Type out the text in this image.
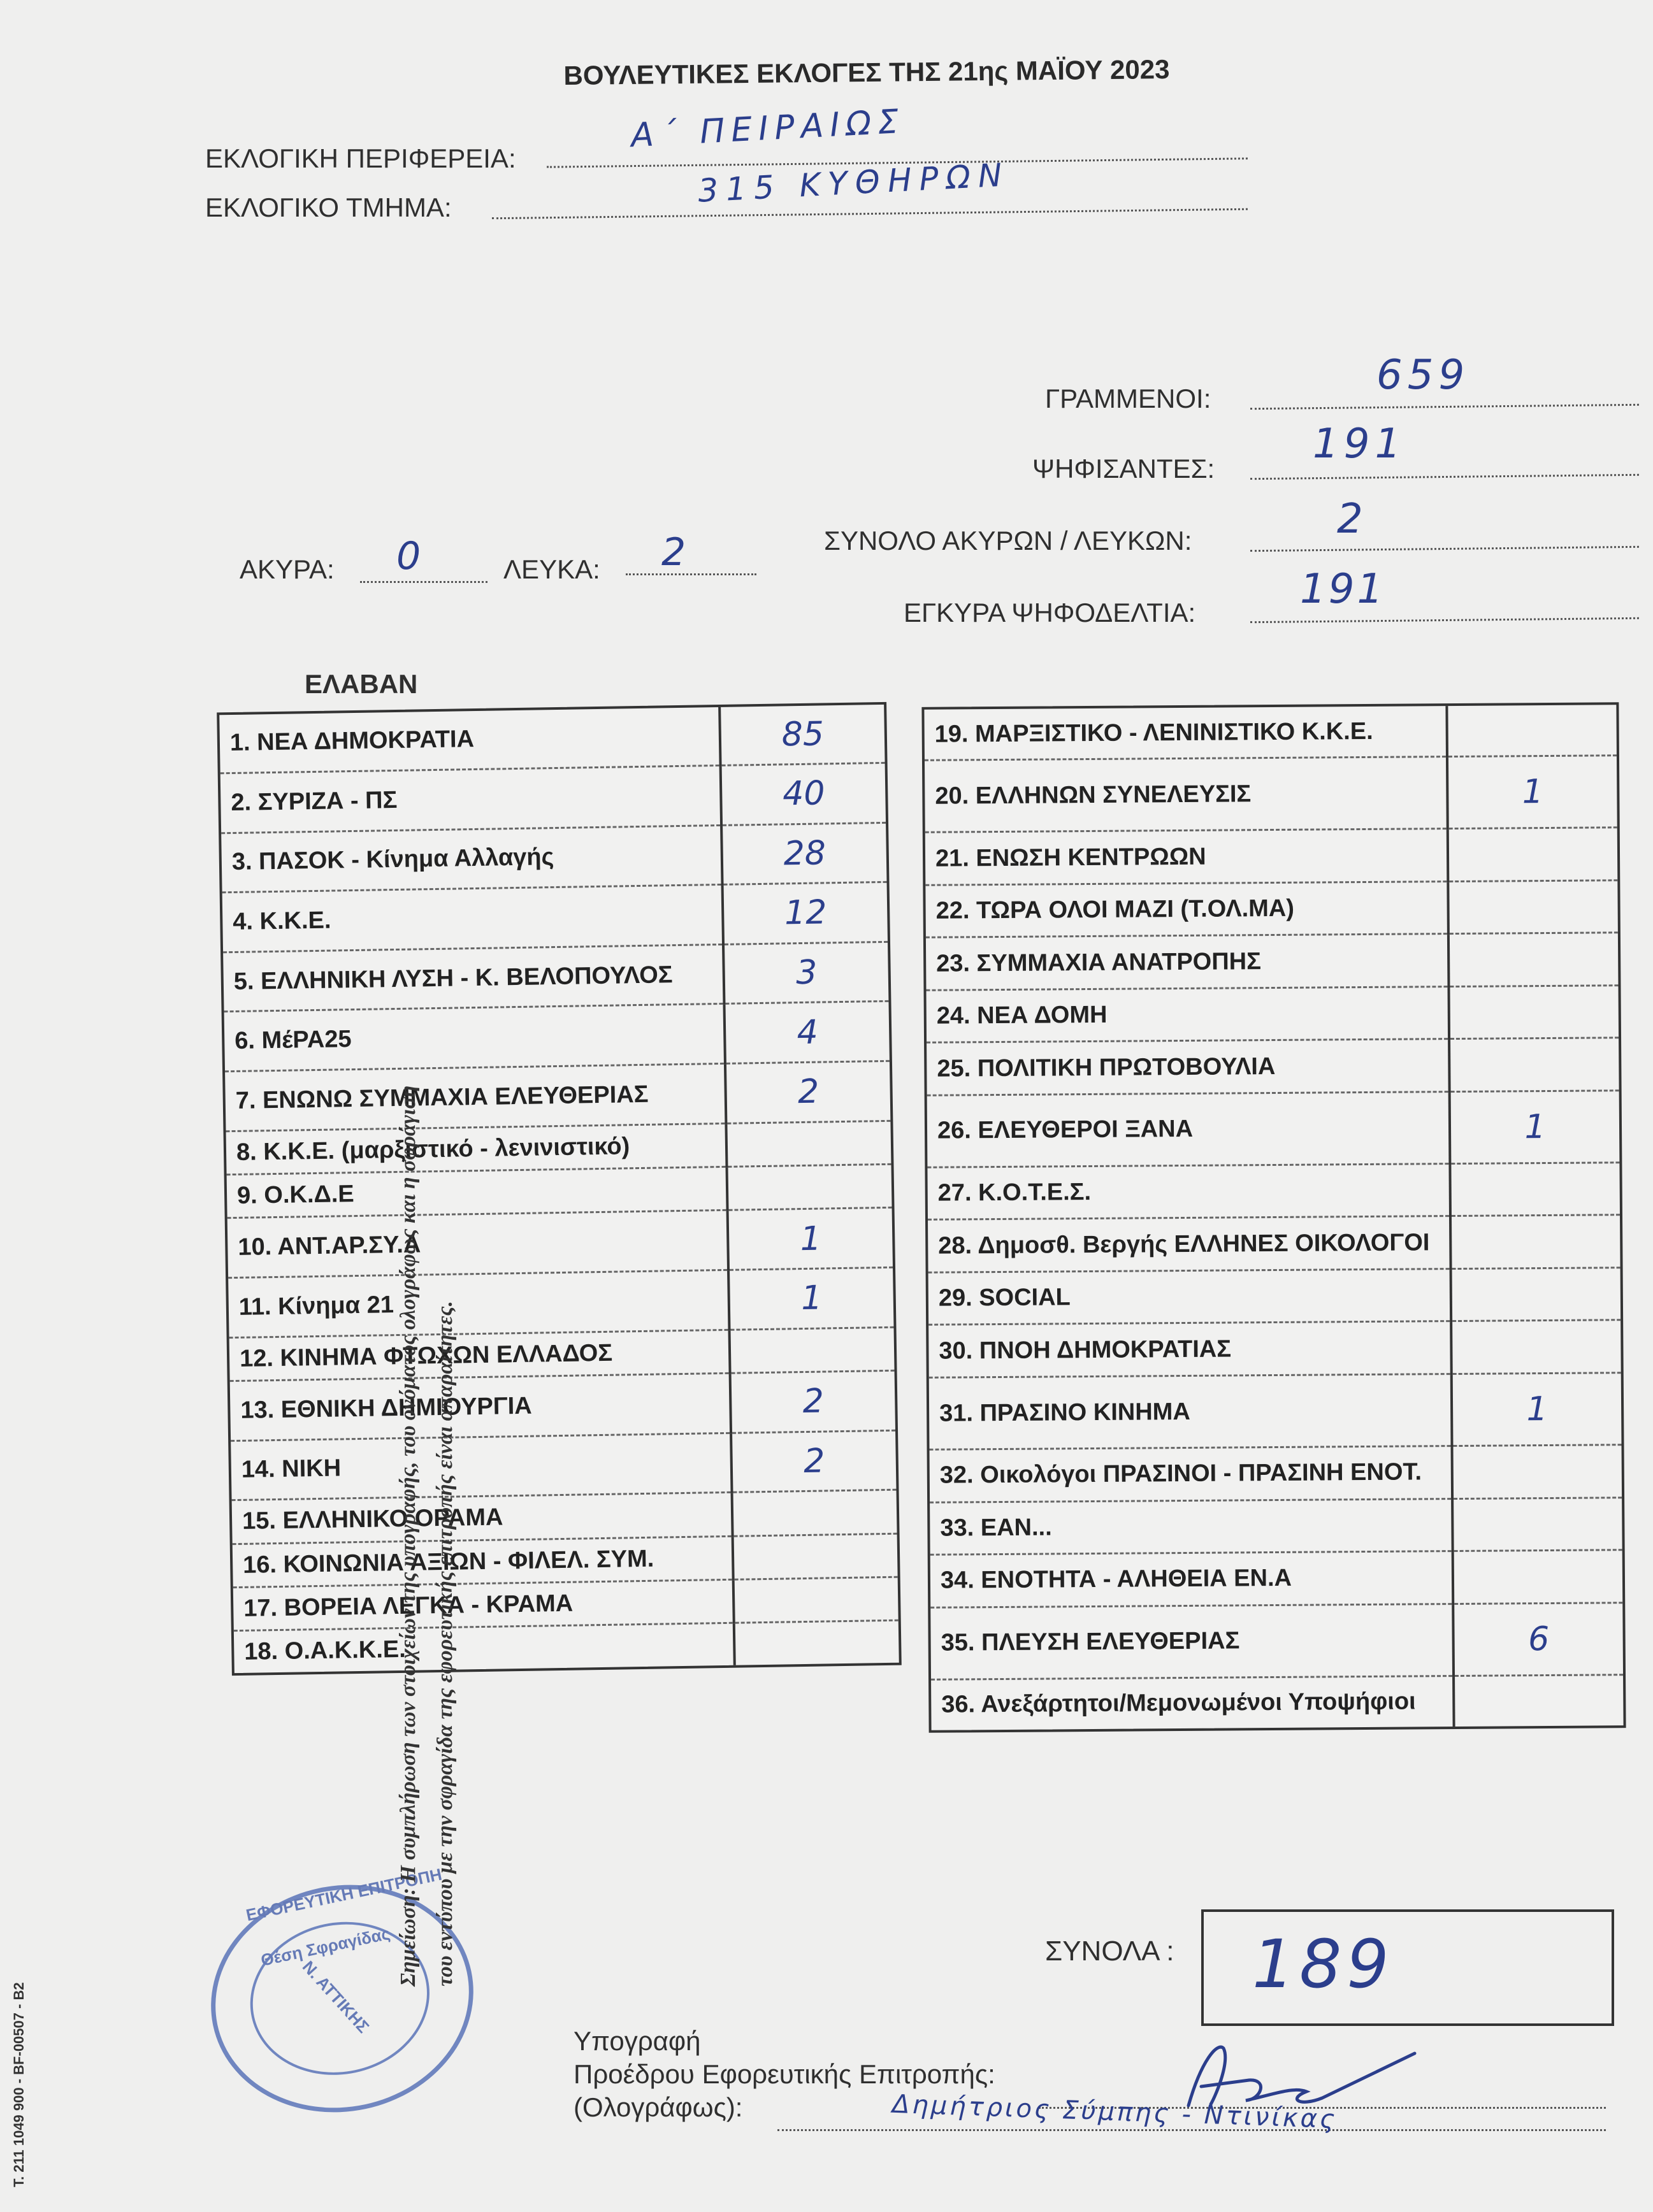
ΒΟΥΛΕΥΤΙΚΕΣ ΕΚΛΟΓΕΣ ΤΗΣ 21ης ΜΑΪΟΥ 2023
ΕΚΛΟΓΙΚΗ ΠΕΡΙΦΕΡΕΙΑ:
Α΄ ΠΕΙΡΑΙΩΣ
ΕΚΛΟΓΙΚΟ ΤΜΗΜΑ:	315 ΚΥΘΗΡΩΝ
ΓΡΑΜΜΕΝΟΙ:	659
ΨΗΦΙΣΑΝΤΕΣ:
191
ΑΚΥΡΑ: 0	ΛΕΥΚΑ: 2	ΣΥΝΟΛΟ ΑΚΥΡΩΝ / ΛΕΥΚΩΝ:	2
ΕΓΚΥΡΑ ΨΗΦΟΔΕΛΤΙΑ:	191
ΕΛΑΒΑΝ
1. ΝΕΑ ΔΗΜΟΚΡΑΤΙΑ	85
2. ΣΥΡΙΖΑ - ΠΣ	40
3. ΠΑΣΟΚ - Κίνημα Αλλαγής	28
4. Κ.Κ.Ε.	12
5. ΕΛΛΗΝΙΚΗ ΛΥΣΗ - Κ. ΒΕΛΟΠΟΥΛΟΣ	3
6. ΜέΡΑ25	4
7. ΕΝΩΝΩ ΣΥΜΜΑΧΙΑ ΕΛΕΥΘΕΡΙΑΣ	2
8. Κ.Κ.Ε. (μαρξιστικό - λενινιστικό)	
9. Ο.Κ.Δ.Ε	
10. ΑΝΤ.ΑΡ.ΣΥ.Α	1
11. Κίνημα 21	1
12. ΚΙΝΗΜΑ ΦΤΩΧΩΝ ΕΛΛΑΔΟΣ	
13. ΕΘΝΙΚΗ ΔΗΜΙΟΥΡΓΙΑ	2
14. ΝΙΚΗ	2
15. ΕΛΛΗΝΙΚΟ ΟΡΑΜΑ	
16. ΚΟΙΝΩΝΙΑ ΑΞΙΩΝ - ΦΙΛΕΛ. ΣΥΜ.	
17. ΒΟΡΕΙΑ ΛΕΓΚΑ - ΚΡΑΜΑ	
18. Ο.Α.Κ.Κ.Ε.	
19. ΜΑΡΞΙΣΤΙΚΟ - ΛΕΝΙΝΙΣΤΙΚΟ Κ.Κ.Ε.	
20. ΕΛΛΗΝΩΝ ΣΥΝΕΛΕΥΣΙΣ	1
21. ΕΝΩΣΗ ΚΕΝΤΡΩΩΝ	
22. ΤΩΡΑ ΟΛΟΙ ΜΑΖΙ (Τ.ΟΛ.ΜΑ)	
23. ΣΥΜΜΑΧΙΑ ΑΝΑΤΡΟΠΗΣ	
24. ΝΕΑ ΔΟΜΗ	
25. ΠΟΛΙΤΙΚΗ ΠΡΩΤΟΒΟΥΛΙΑ	
26. ΕΛΕΥΘΕΡΟΙ ΞΑΝΑ	1
27. Κ.Ο.Τ.Ε.Σ.	
28. Δημοσθ. Βεργής ΕΛΛΗΝΕΣ ΟΙΚΟΛΟΓΟΙ	
29. SOCIAL	
30. ΠΝΟΗ ΔΗΜΟΚΡΑΤΙΑΣ	
31. ΠΡΑΣΙΝΟ ΚΙΝΗΜΑ	1
32. Οικολόγοι ΠΡΑΣΙΝΟΙ - ΠΡΑΣΙΝΗ ΕΝΟΤ.	
33. ΕΑΝ...	
34. ΕΝΟΤΗΤΑ - ΑΛΗΘΕΙΑ ΕΝ.Α	
35. ΠΛΕΥΣΗ ΕΛΕΥΘΕΡΙΑΣ	6
36. Ανεξάρτητοι/Μεμονωμένοι Υποψήφιοι	
ΣΥΝΟΛΑ : 189
Υπογραφή
Προέδρου Εφορευτικής Επιτροπής:
(Ολογράφως):	Δημήτριος Σύμπης - Ντινίκας
ΕΦΟΡΕΥΤΙΚΗ ΕΠΙΤΡΟΠΗ
Θέση Σφραγίδας
Ν. ΑΤΤΙΚΗΣ
Σημείωση: Η συμπλήρωση των στοιχείων της υπογραφής, του ονόματος ολογράφως και η σφράγιση του εντύπου με την σφραγίδα της εφορευτικής επιτροπής είναι απαραίτητες.
Τ. 211 1049 900 - BF-00507 - B2
